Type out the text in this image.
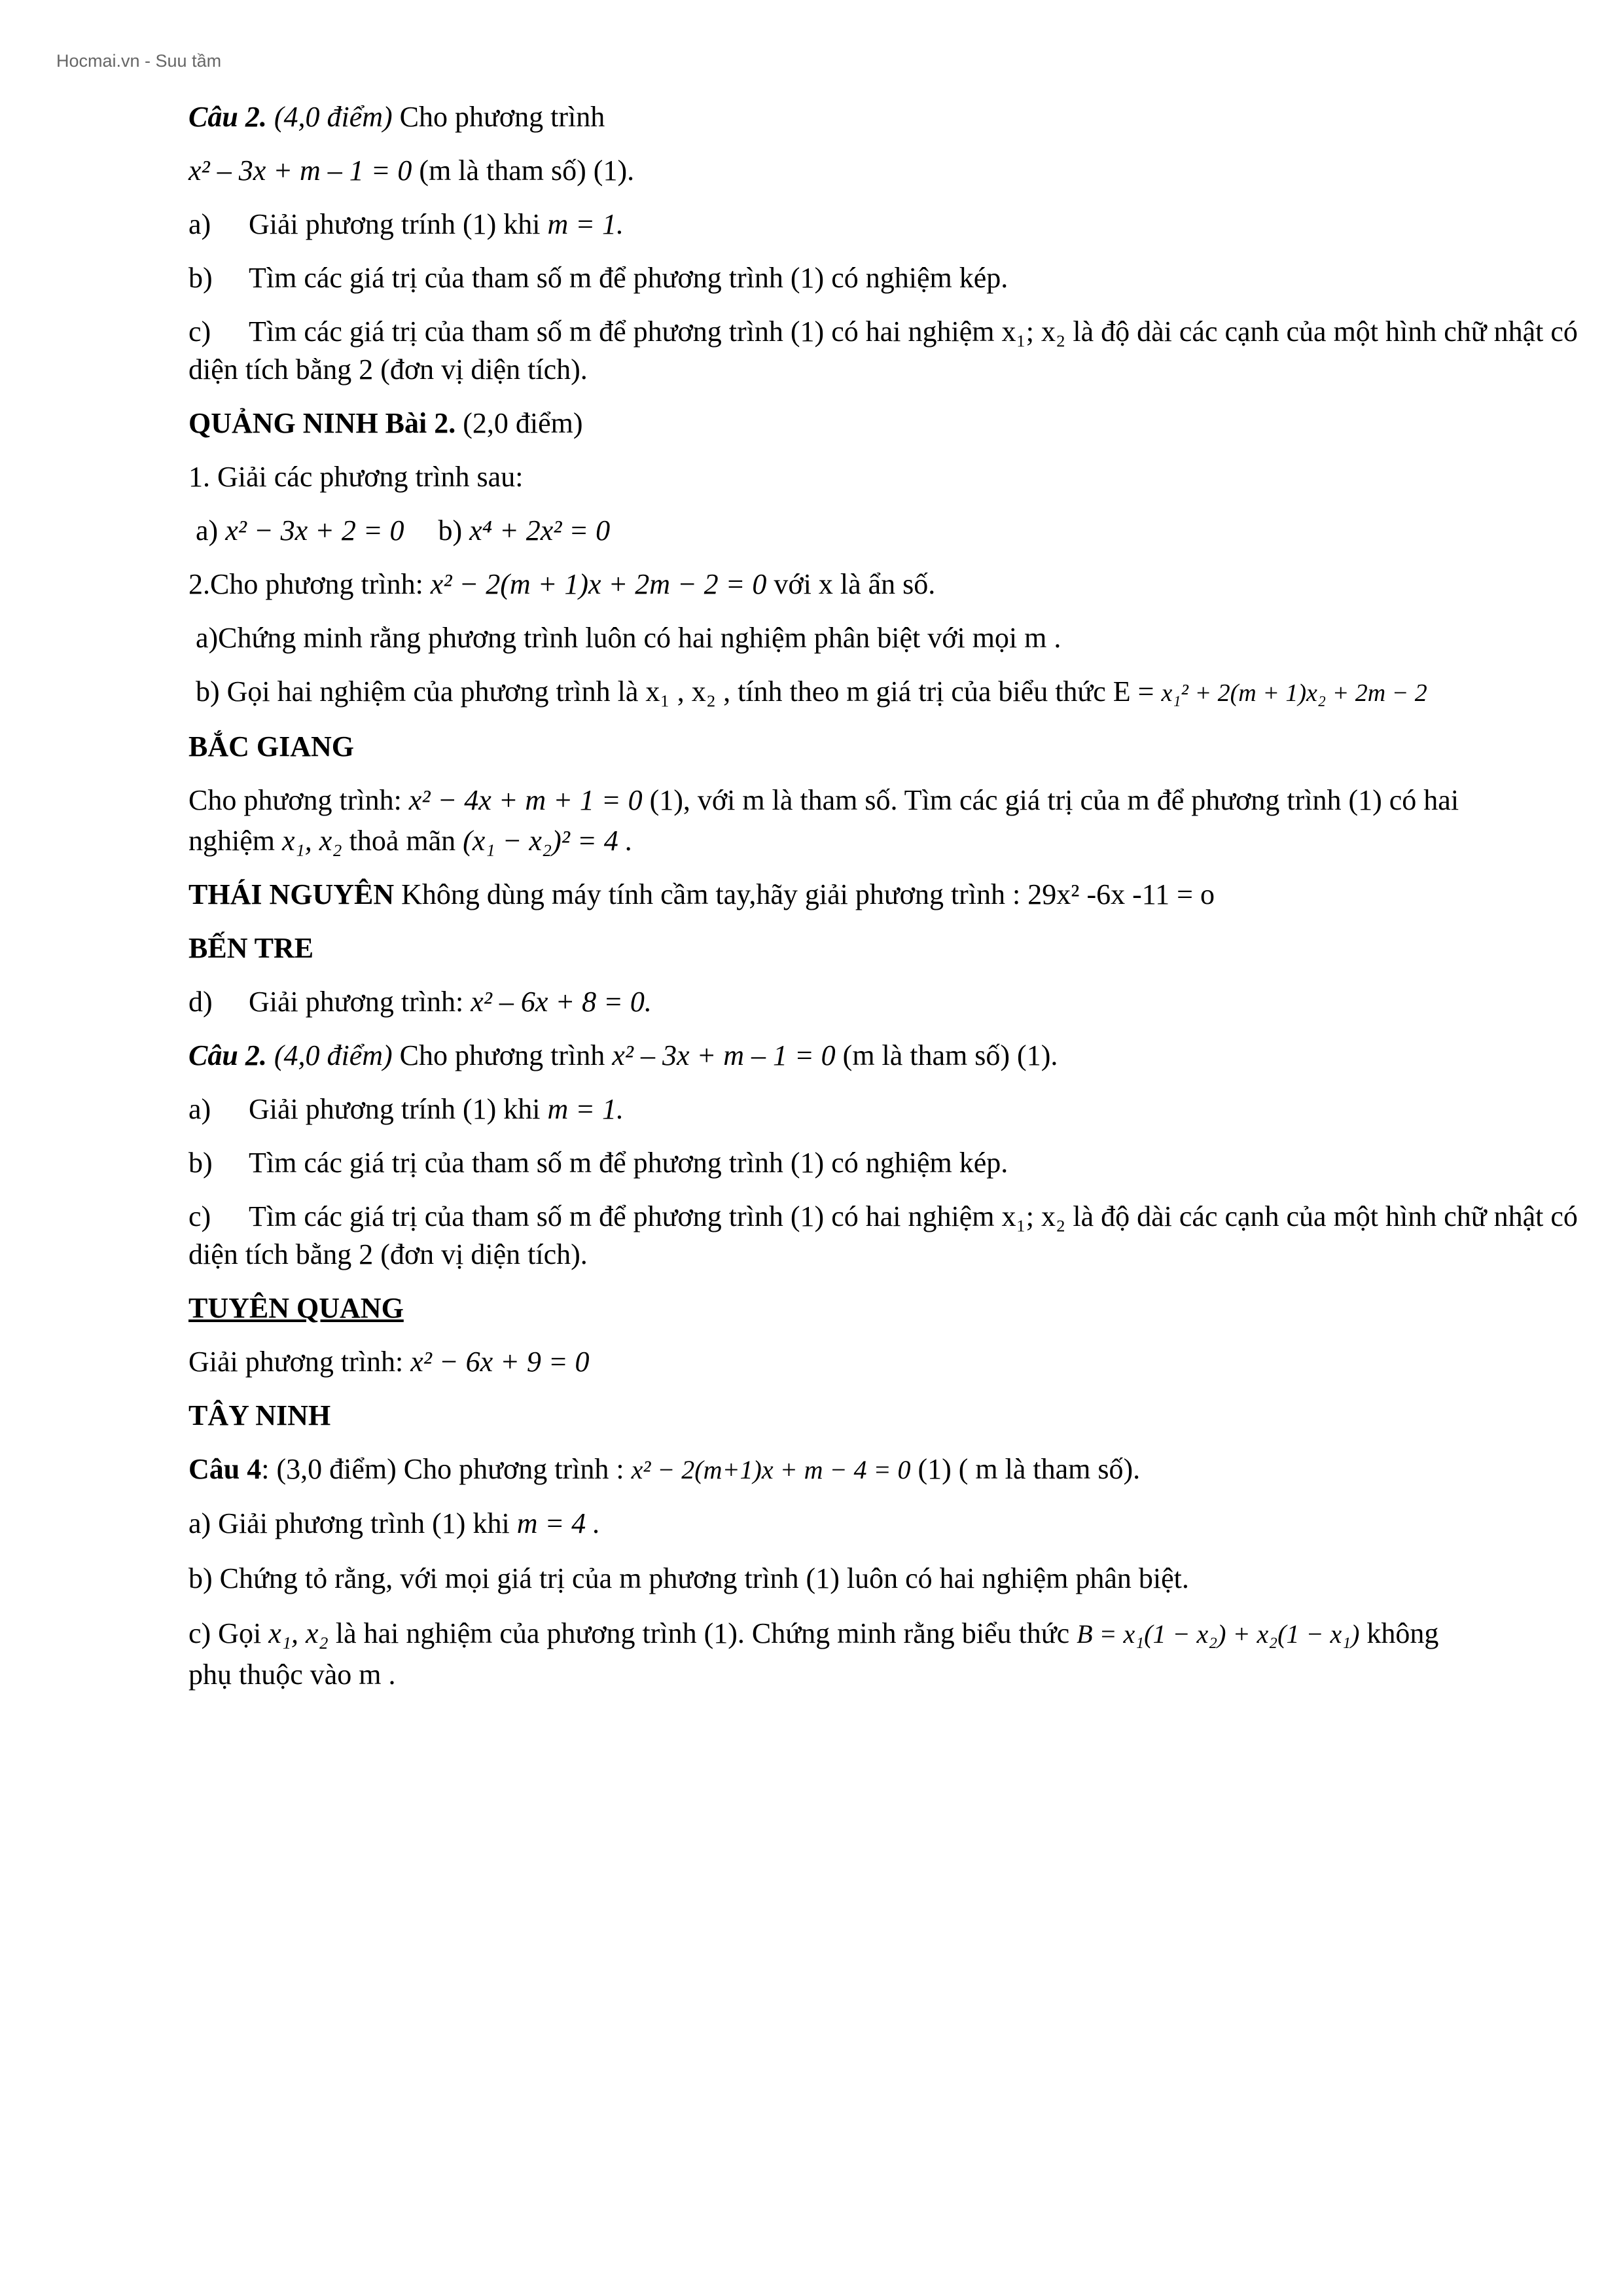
Hocmai.vn - Suu tầm
Câu 2. (4,0 điểm) Cho phương trình
x² – 3x + m – 1 = 0 (m là tham số) (1).
a) Giải phương trính (1) khi m = 1.
b) Tìm các giá trị của tham số m để phương trình (1) có nghiệm kép.
c) Tìm các giá trị của tham số m để phương trình (1) có hai nghiệm x₁; x₂ là độ dài các cạnh của một hình chữ nhật có diện tích bằng 2 (đơn vị diện tích).
QUẢNG NINH Bài 2. (2,0 điểm)
1. Giải các phương trình sau:
a) x² − 3x + 2 = 0 b) x⁴ + 2x² = 0
2.Cho phương trình: x² − 2(m + 1)x + 2m − 2 = 0 với x là ẩn số.
a)Chứng minh rằng phương trình luôn có hai nghiệm phân biệt với mọi m .
b) Gọi hai nghiệm của phương trình là x₁ , x₂ , tính theo m giá trị của biểu thức E = x₁² + 2(m + 1)x₂ + 2m − 2
BẮC GIANG
Cho phương trình: x² − 4x + m + 1 = 0 (1), với m là tham số. Tìm các giá trị của m để phương trình (1) có hai
nghiệm x₁, x₂ thoả mãn (x₁ − x₂)² = 4 .
THÁI NGUYÊN Không dùng máy tính cầm tay,hãy giải phương trình : 29x² -6x -11 = o
BẾN TRE
d) Giải phương trình: x² – 6x + 8 = 0.
Câu 2. (4,0 điểm) Cho phương trình x² – 3x + m – 1 = 0 (m là tham số) (1).
a) Giải phương trính (1) khi m = 1.
b) Tìm các giá trị của tham số m để phương trình (1) có nghiệm kép.
c) Tìm các giá trị của tham số m để phương trình (1) có hai nghiệm x₁; x₂ là độ dài các cạnh của một hình chữ nhật có diện tích bằng 2 (đơn vị diện tích).
TUYÊN QUANG
Giải phương trình: x² − 6x + 9 = 0
TÂY NINH
Câu 4: (3,0 điểm) Cho phương trình : x² − 2(m+1)x + m − 4 = 0 (1) ( m là tham số).
a) Giải phương trình (1) khi m = 4 .
b) Chứng tỏ rằng, với mọi giá trị của m phương trình (1) luôn có hai nghiệm phân biệt.
c) Gọi x₁, x₂ là hai nghiệm của phương trình (1). Chứng minh rằng biểu thức B = x₁(1 − x₂) + x₂(1 − x₁) không
phụ thuộc vào m .
